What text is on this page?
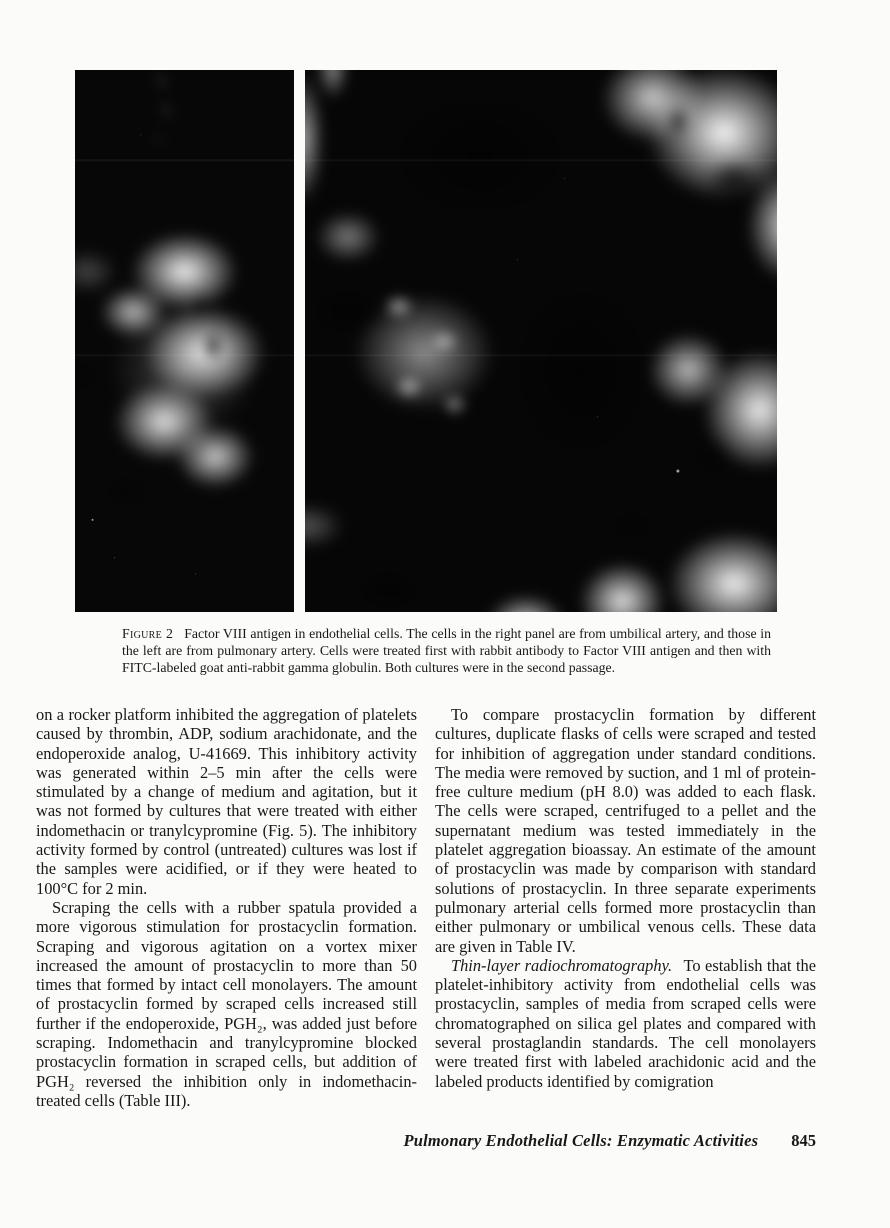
Figure 2 Factor VIII antigen in endothelial cells. The cells in the right panel are from umbilical artery, and those in the left are from pulmonary artery. Cells were treated first with rabbit antibody to Factor VIII antigen and then with FITC-labeled goat anti-rabbit gamma globulin. Both cultures were in the second passage.

on a rocker platform inhibited the aggregation of platelets caused by thrombin, ADP, sodium arachidonate, and the endoperoxide analog, U-41669. This inhibitory activity was generated within 2–5 min after the cells were stimulated by a change of medium and agitation, but it was not formed by cultures that were treated with either indomethacin or tranylcypromine (Fig. 5). The inhibitory activity formed by control (untreated) cultures was lost if the samples were acidified, or if they were heated to 100°C for 2 min.

Scraping the cells with a rubber spatula provided a more vigorous stimulation for prostacyclin formation. Scraping and vigorous agitation on a vortex mixer increased the amount of prostacyclin to more than 50 times that formed by intact cell monolayers. The amount of prostacyclin formed by scraped cells increased still further if the endoperoxide, PGH₂, was added just before scraping. Indomethacin and tranylcypromine blocked prostacyclin formation in scraped cells, but addition of PGH₂ reversed the inhibition only in indomethacin-treated cells (Table III).

To compare prostacyclin formation by different cultures, duplicate flasks of cells were scraped and tested for inhibition of aggregation under standard conditions. The media were removed by suction, and 1 ml of protein-free culture medium (pH 8.0) was added to each flask. The cells were scraped, centrifuged to a pellet and the supernatant medium was tested immediately in the platelet aggregation bioassay. An estimate of the amount of prostacyclin was made by comparison with standard solutions of prostacyclin. In three separate experiments pulmonary arterial cells formed more prostacyclin than either pulmonary or umbilical venous cells. These data are given in Table IV.

Thin-layer radiochromatography. To establish that the platelet-inhibitory activity from endothelial cells was prostacyclin, samples of media from scraped cells were chromatographed on silica gel plates and compared with several prostaglandin standards. The cell monolayers were treated first with labeled arachidonic acid and the labeled products identified by comigration

Pulmonary Endothelial Cells: Enzymatic Activities 845
